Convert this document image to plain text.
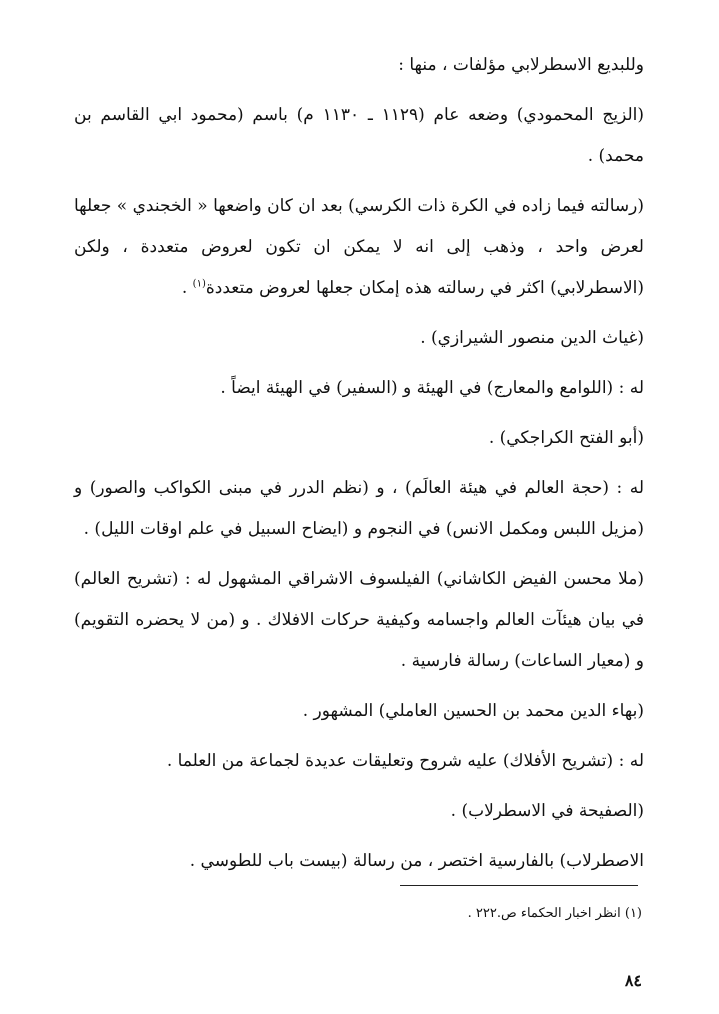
وللبديع الاسطرلابي مؤلفات ، منها :

(الزيج المحمودي) وضعه عام (١١٢٩ ـ ١١٣٠ م) باسم (محمود ابي القاسم بن محمد) .

(رسالته فيما زاده في الكرة ذات الكرسي) بعد ان كان واضعها « الخجندي » جعلها لعرض واحد ، وذهب إلى انه لا يمكن ان تكون لعروض متعددة ، ولكن (الاسطرلابي) اكثر في رسالته هذه إمكان جعلها لعروض متعددة$^{(١)}$ .

(غياث الدين منصور الشيرازي) .

له : (اللوامع والمعارج) في الهيئة و (السفير) في الهيئة ايضاً .

(أبو الفتح الكراجكي) .

له : (حجة العالم في هيئة العالَم) ، و (نظم الدرر في مبنى الكواكب والصور) و (مزيل اللبس ومكمل الانس) في النجوم و (ايضاح السبيل في علم اوقات الليل) .

(ملا محسن الفيض الكاشاني) الفيلسوف الاشراقي المشهول له : (تشريح العالم) في بيان هيئآت العالم واجسامه وكيفية حركات الافلاك . و (من لا يحضره التقويم) و (معيار الساعات) رسالة فارسية .

(بهاء الدين محمد بن الحسين العاملي) المشهور .

له : (تشريح الأفلاك) عليه شروح وتعليقات عديدة لجماعة من العلما .

(الصفيحة في الاسطرلاب) .

الاصطرلاب) بالفارسية اختصر ، من رسالة (بيست باب للطوسي .

(١) انظر اخبار الحكماء ص.٢٢٢ .
٨٤
